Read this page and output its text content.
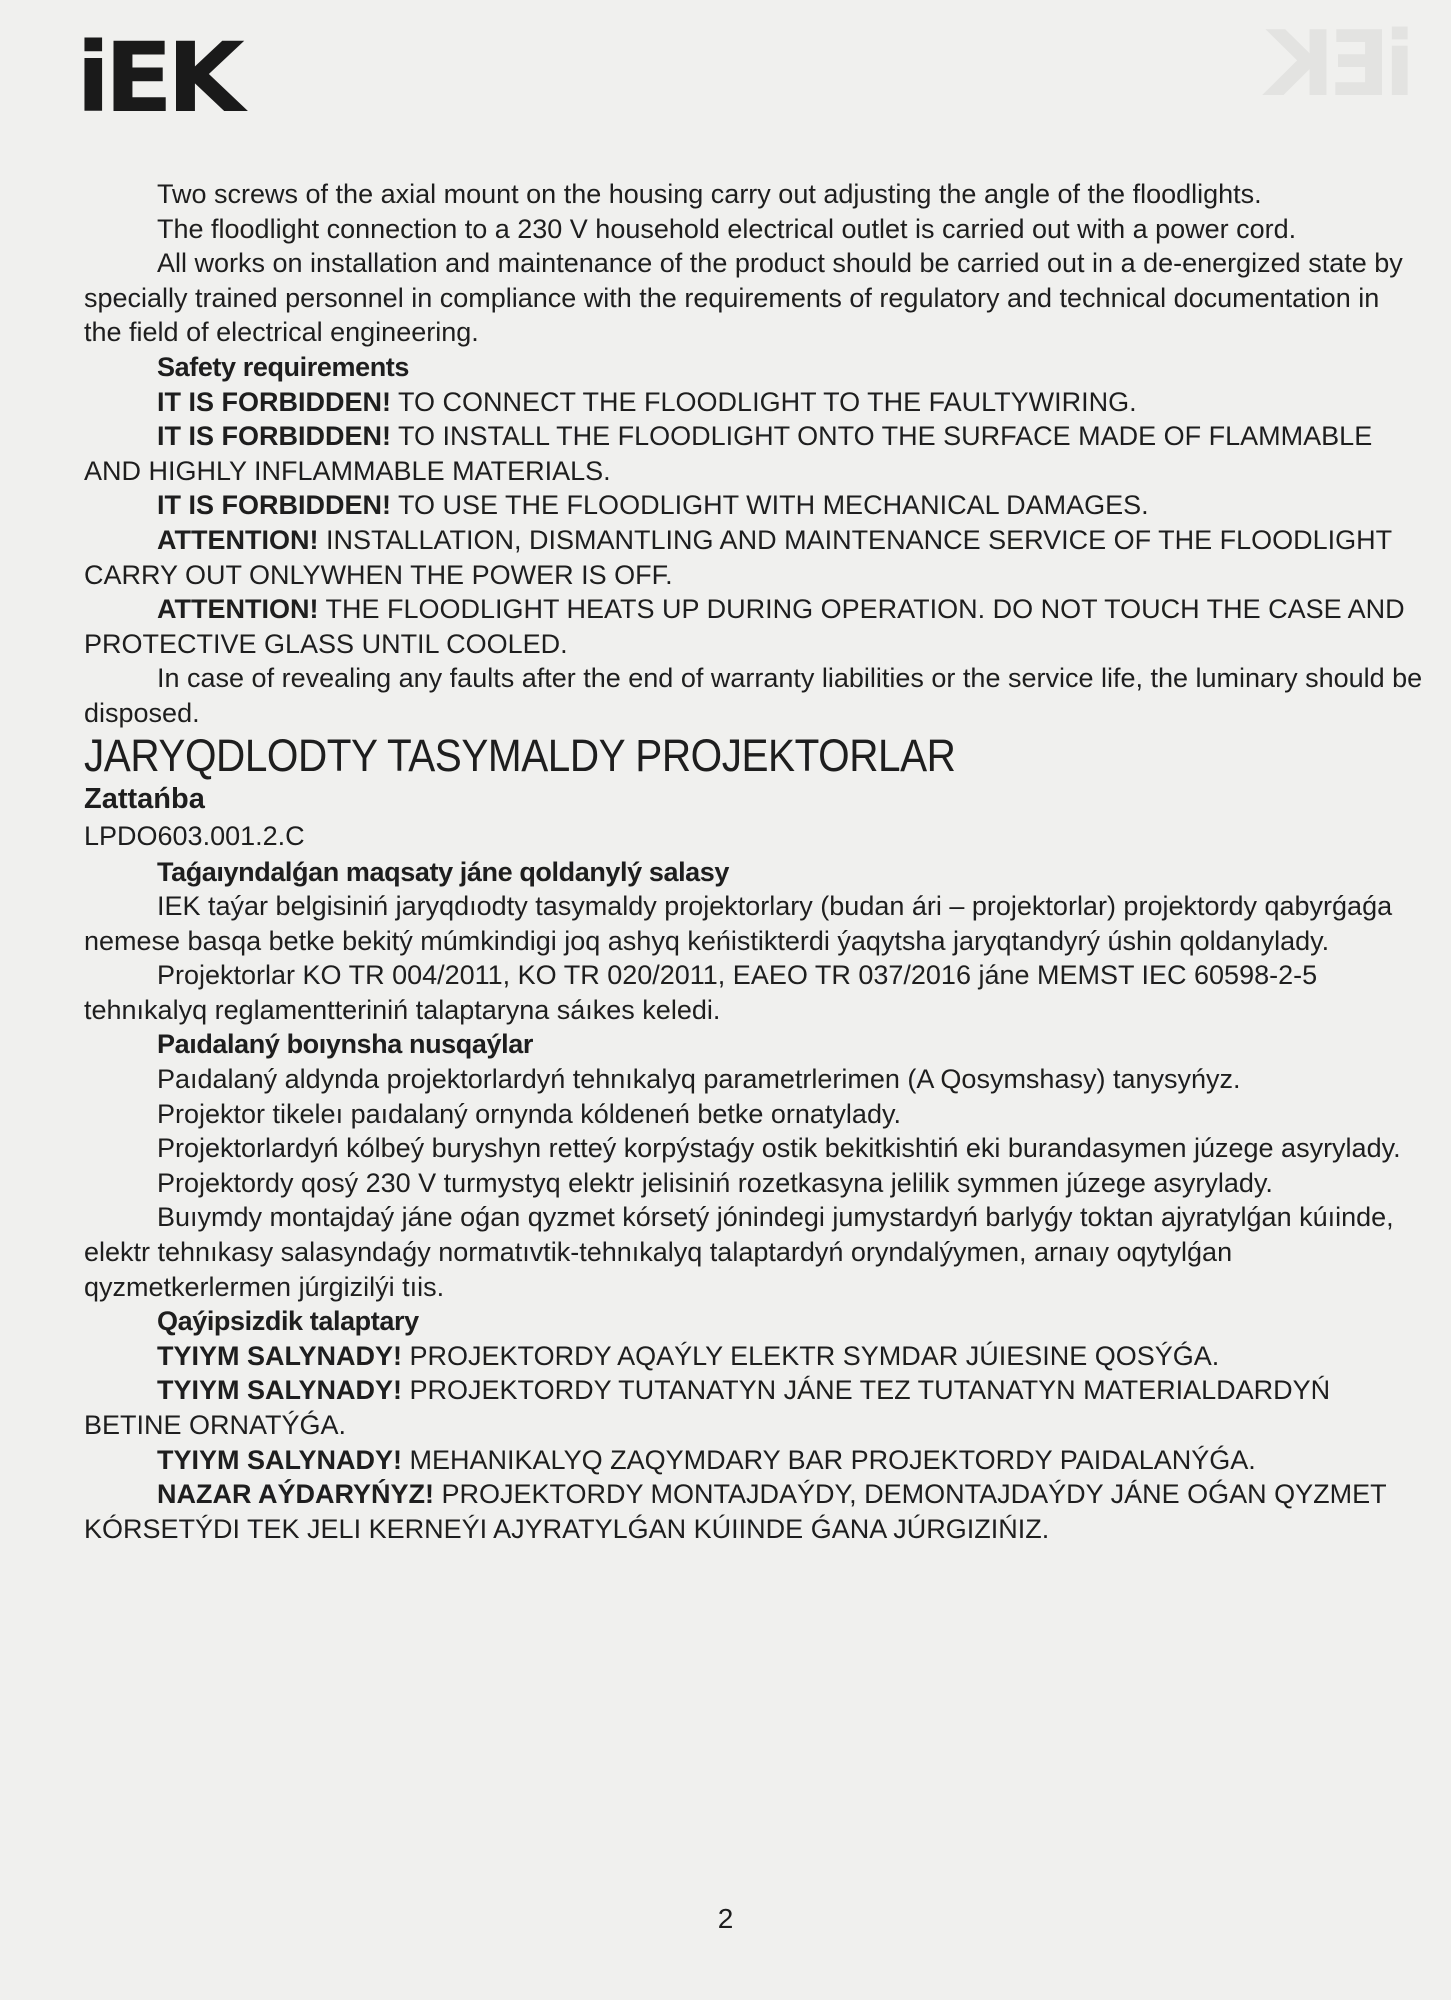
iEK
iEK

Two screws of the axial mount on the housing carry out adjusting the angle of the floodlights.

The floodlight connection to a 230 V household electrical outlet is carried out with a power cord.

All works on installation and maintenance of the product should be carried out in a de-energized state by specially trained personnel in compliance with the requirements of regulatory and technical documentation in the field of electrical engineering.

Safety requirements

IT IS FORBIDDEN! TO CONNECT THE FLOODLIGHT TO THE FAULTYWIRING.

IT IS FORBIDDEN! TO INSTALL THE FLOODLIGHT ONTO THE SURFACE MADE OF FLAMMABLE AND HIGHLY INFLAMMABLE MATERIALS.

IT IS FORBIDDEN! TO USE THE FLOODLIGHT WITH MECHANICAL DAMAGES.

ATTENTION! INSTALLATION, DISMANTLING AND MAINTENANCE SERVICE OF THE FLOODLIGHT CARRY OUT ONLYWHEN THE POWER IS OFF.

ATTENTION! THE FLOODLIGHT HEATS UP DURING OPERATION. DO NOT TOUCH THE CASE AND PROTECTIVE GLASS UNTIL COOLED.

In case of revealing any faults after the end of warranty liabilities or the service life, the luminary should be disposed.

JARYQDLODTY TASYMALDY PROJEKTORLAR

Zattańba

LPDO603.001.2.C

Taǵaıyndalǵan maqsaty jáne qoldanylý salasy

IEK taýar belgisiniń jaryqdıodty tasymaldy projektorlary (budan ári – projektorlar) projektordy qabyrǵaǵa nemese basqa betke bekitý múmkindigi joq ashyq keńistikterdi ýaqytsha jaryqtandyrý úshin qoldanylady.

Projektorlar KO TR 004/2011, KO TR 020/2011, EAEO TR 037/2016 jáne MEMST IEC 60598-2-5 tehnıkalyq reglamentteriniń talaptaryna sáıkes keledi.

Paıdalaný boıynsha nusqaýlar

Paıdalaný aldynda projektorlardyń tehnıkalyq parametrlerimen (A Qosymshasy) tanysyńyz.

Projektor tikeleı paıdalaný ornynda kóldeneń betke ornatylady.

Projektorlardyń kólbeý buryshyn retteý korpýstaǵy ostik bekitkishtiń eki burandasymen júzege asyrylady.

Projektordy qosý 230 V turmystyq elektr jelisiniń rozetkasyna jelilik symmen júzege asyrylady.

Buıymdy montajdaý jáne oǵan qyzmet kórsetý jónindegi jumystardyń barlyǵy toktan ajyratylǵan kúıinde, elektr tehnıkasy salasyndaǵy normatıvtik-tehnıkalyq talaptardyń oryndalýymen, arnaıy oqytylǵan qyzmetkerlermen júrgizilýi tıis.

Qaýipsizdik talaptary

TYIYM SALYNADY! PROJEKTORDY AQAÝLY ELEKTR SYMDAR JÚIESINE QOSÝǴA.

TYIYM SALYNADY! PROJEKTORDY TUTANATYN JÁNE TEZ TUTANATYN MATERIALDARDYŃ BETINE ORNATÝǴA.

TYIYM SALYNADY! MEHANIKALYQ ZAQYMDARY BAR PROJEKTORDY PAIDALANÝǴA.

NAZAR AÝDARYŃYZ! PROJEKTORDY MONTAJDAÝDY, DEMONTAJDAÝDY JÁNE OǴAN QYZMET KÓRSETÝDI TEK JELI KERNEÝI AJYRATYLǴAN KÚIINDE ǴANA JÚRGIZIŃIZ.

2
